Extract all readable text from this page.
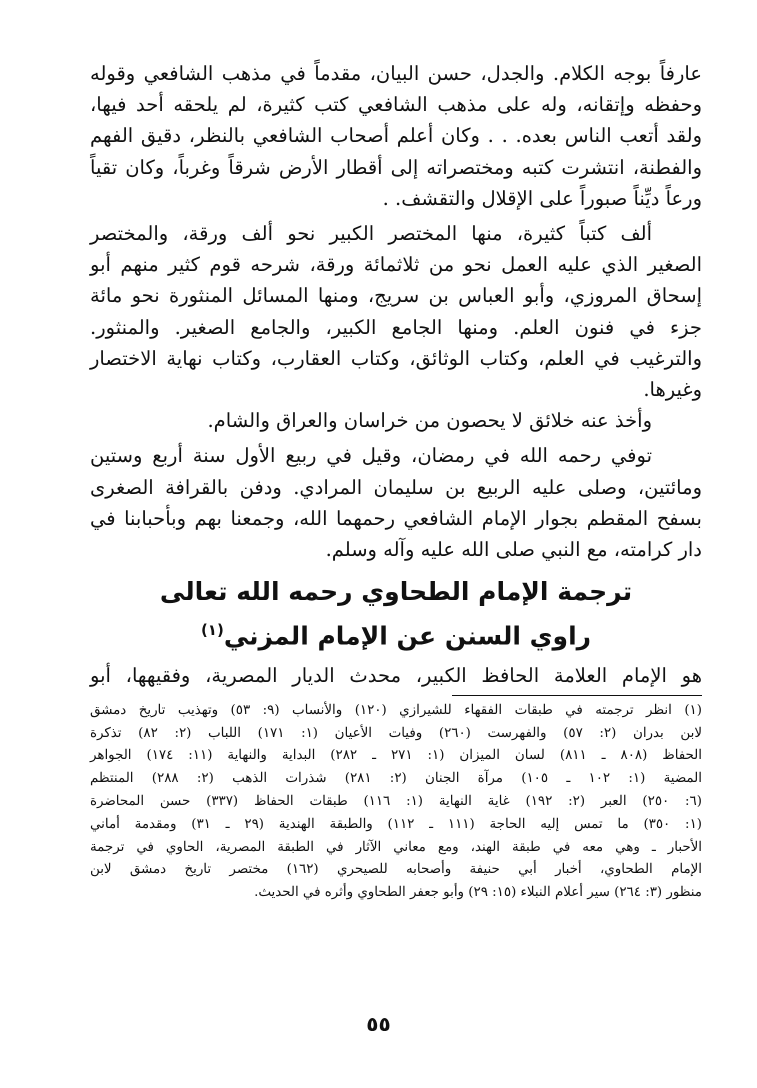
عارفاً بوجه الكلام. والجدل، حسن البيان، مقدماً في مذهب الشافعي وقوله
وحفظه وإتقانه، وله على مذهب الشافعي كتب كثيرة، لم يلحقه أحد فيها،
ولقد أتعب الناس بعده. . . وكان أعلم أصحاب الشافعي بالنظر، دقيق الفهم
والفطنة، انتشرت كتبه ومختصراته إلى أقطار الأرض شرقاً وغرباً، وكان تقياً
ورعاً ديِّناً صبوراً على الإقلال والتقشف. .

ألف كتباً كثيرة، منها المختصر الكبير نحو ألف ورقة، والمختصر
الصغير الذي عليه العمل نحو من ثلاثمائة ورقة، شرحه قوم كثير منهم أبو
إسحاق المروزي، وأبو العباس بن سريج، ومنها المسائل المنثورة نحو مائة
جزء في فنون العلم. ومنها الجامع الكبير، والجامع الصغير. والمنثور.
والترغيب في العلم، وكتاب الوثائق، وكتاب العقارب، وكتاب نهاية الاختصار
وغيرها.

وأخذ عنه خلائق لا يحصون من خراسان والعراق والشام.

توفي رحمه الله في رمضان، وقيل في ربيع الأول سنة أربع وستين
ومائتين، وصلى عليه الربيع بن سليمان المرادي. ودفن بالقرافة الصغرى
بسفح المقطم بجوار الإمام الشافعي رحمهما الله، وجمعنا بهم وبأحبابنا في
دار كرامته، مع النبي صلى الله عليه وآله وسلم.

ترجمة الإمام الطحاوي رحمه الله تعالى
راوي السنن عن الإمام المزني$^{(١)}$

هو الإمام العلامة الحافظ الكبير، محدث الديار المصرية، وفقيهها، أبو

(١) انظر ترجمته في طبقات الفقهاء للشيرازي (١٢٠) والأنساب (٩: ٥٣) وتهذيب تاريخ دمشق
لابن بدران (٢: ٥٧) والفهرست (٢٦٠) وفيات الأعيان (١: ١٧١) اللباب (٢: ٨٢) تذكرة
الحفاظ (٨٠٨ ـ ٨١١) لسان الميزان (١: ٢٧١ ـ ٢٨٢) البداية والنهاية (١١: ١٧٤) الجواهر
المضية (١: ١٠٢ ـ ١٠٥) مرآة الجنان (٢: ٢٨١) شذرات الذهب (٢: ٢٨٨) المنتظم
(٦: ٢٥٠) العبر (٢: ١٩٢) غاية النهاية (١: ١١٦) طبقات الحفاظ (٣٣٧) حسن المحاضرة
(١: ٣٥٠) ما تمس إليه الحاجة (١١١ ـ ١١٢) والطبقة الهندية (٢٩ ـ ٣١) ومقدمة أماني
الأحبار ـ وهي معه في طبقة الهند، ومع معاني الآثار في الطبقة المصرية، الحاوي في ترجمة
الإمام الطحاوي، أخبار أبي حنيفة وأصحابه للصيحري (١٦٢) مختصر تاريخ دمشق لابن
منظور (٣: ٢٦٤) سير أعلام النبلاء (١٥: ٢٩) وأبو جعفر الطحاوي وأثره في الحديث.

٥٥
